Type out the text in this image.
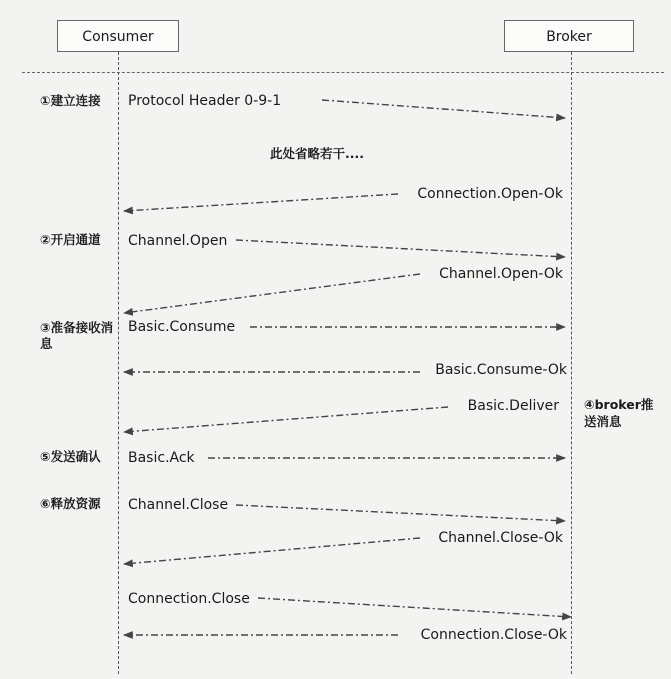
Consumer	Broker
①建立连接
②开启通道
③准备接收消息
④broker推送消息
⑤发送确认
⑥释放资源
此处省略若干....
Protocol Header 0-9-1
Connection.Open-Ok
Channel.Open
Channel.Open-Ok
Basic.Consume
Basic.Consume-Ok
Basic.Deliver
Basic.Ack
Channel.Close
Channel.Close-Ok
Connection.Close
Connection.Close-Ok
